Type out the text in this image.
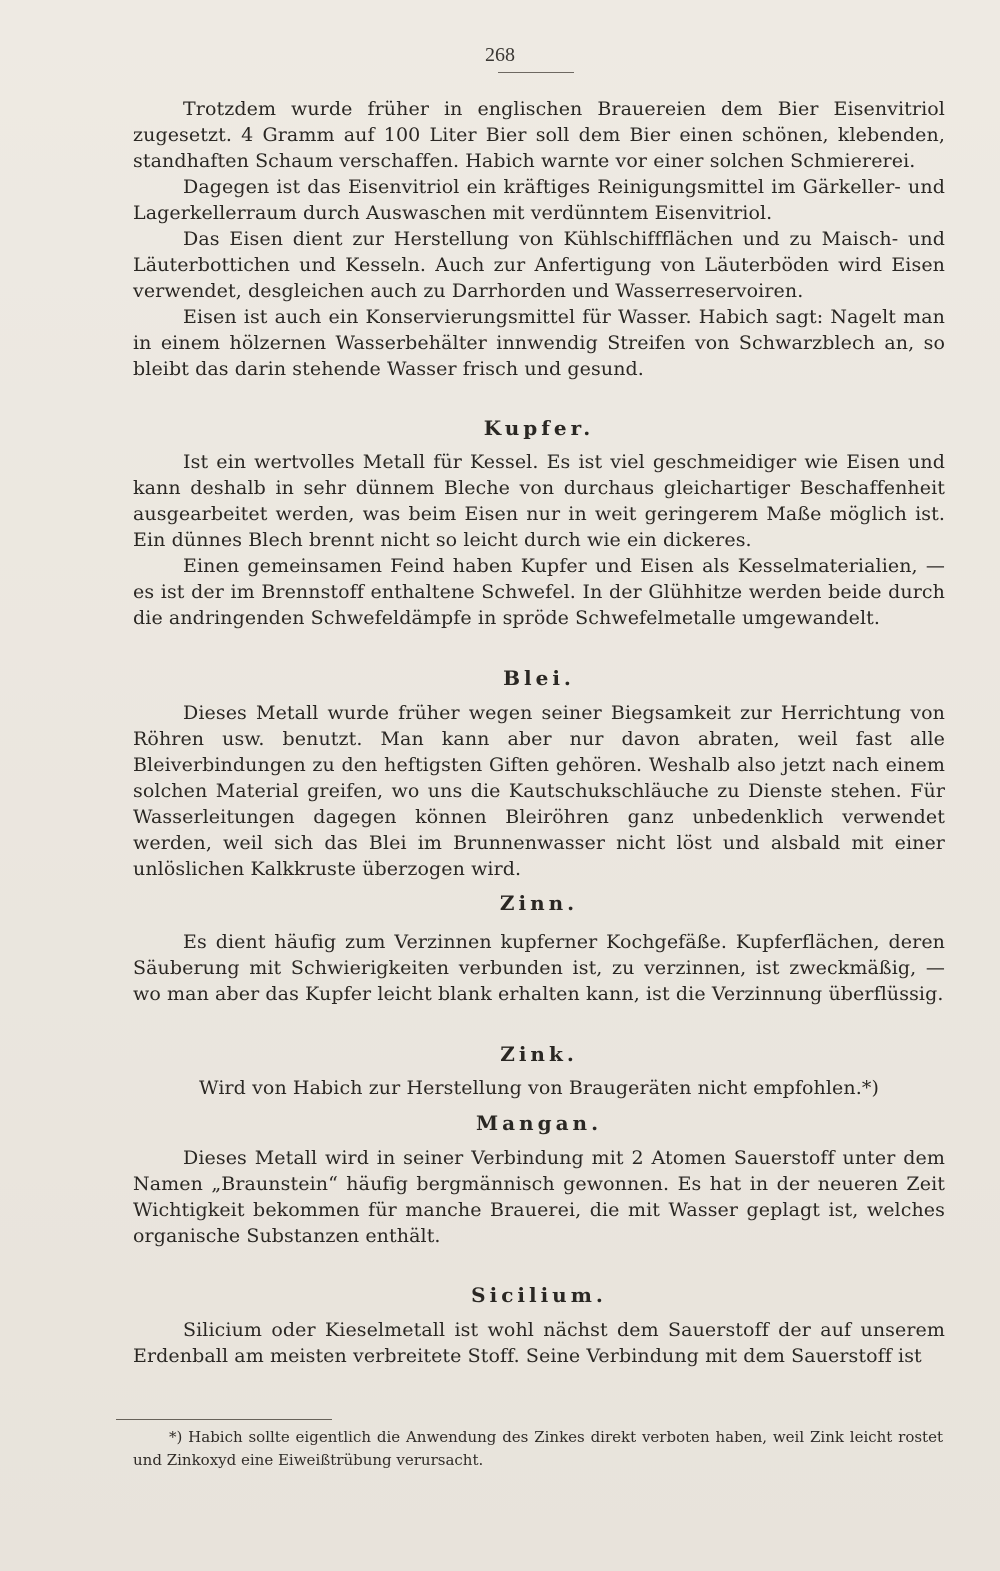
268

Trotzdem wurde früher in englischen Brauereien dem Bier Eisenvitriol zugesetzt. 4 Gramm auf 100 Liter Bier soll dem Bier einen schönen, klebenden, standhaften Schaum verschaffen. Habich warnte vor einer solchen Schmiererei.

Dagegen ist das Eisenvitriol ein kräftiges Reinigungsmittel im Gärkeller- und Lagerkellerraum durch Auswaschen mit verdünntem Eisenvitriol.

Das Eisen dient zur Herstellung von Kühlschiffflächen und zu Maisch- und Läuterbottichen und Kesseln. Auch zur Anfertigung von Läuterböden wird Eisen verwendet, desgleichen auch zu Darrhorden und Wasserreservoiren.

Eisen ist auch ein Konservierungsmittel für Wasser. Habich sagt: Nagelt man in einem hölzernen Wasserbehälter innwendig Streifen von Schwarzblech an, so bleibt das darin stehende Wasser frisch und gesund.

Kupfer.

Ist ein wertvolles Metall für Kessel. Es ist viel geschmeidiger wie Eisen und kann deshalb in sehr dünnem Bleche von durchaus gleichartiger Beschaffenheit ausgearbeitet werden, was beim Eisen nur in weit geringerem Maße möglich ist. Ein dünnes Blech brennt nicht so leicht durch wie ein dickeres.

Einen gemeinsamen Feind haben Kupfer und Eisen als Kesselmaterialien, — es ist der im Brennstoff enthaltene Schwefel. In der Glühhitze werden beide durch die andringenden Schwefeldämpfe in spröde Schwefelmetalle umgewandelt.

Blei.

Dieses Metall wurde früher wegen seiner Biegsamkeit zur Herrichtung von Röhren usw. benutzt. Man kann aber nur davon abraten, weil fast alle Bleiverbindungen zu den heftigsten Giften gehören. Weshalb also jetzt nach einem solchen Material greifen, wo uns die Kautschukschläuche zu Dienste stehen. Für Wasserleitungen dagegen können Bleiröhren ganz unbedenklich verwendet werden, weil sich das Blei im Brunnenwasser nicht löst und alsbald mit einer unlöslichen Kalkkruste überzogen wird.

Zinn.

Es dient häufig zum Verzinnen kupferner Kochgefäße. Kupferflächen, deren Säuberung mit Schwierigkeiten verbunden ist, zu verzinnen, ist zweckmäßig, — wo man aber das Kupfer leicht blank erhalten kann, ist die Verzinnung überflüssig.

Zink.

Wird von Habich zur Herstellung von Braugeräten nicht empfohlen.*)

Mangan.

Dieses Metall wird in seiner Verbindung mit 2 Atomen Sauerstoff unter dem Namen „Braunstein“ häufig bergmännisch gewonnen. Es hat in der neueren Zeit Wichtigkeit bekommen für manche Brauerei, die mit Wasser geplagt ist, welches organische Substanzen enthält.

Sicilium.

Silicium oder Kieselmetall ist wohl nächst dem Sauerstoff der auf unserem Erdenball am meisten verbreitete Stoff. Seine Verbindung mit dem Sauerstoff ist

*) Habich sollte eigentlich die Anwendung des Zinkes direkt verboten haben, weil Zink leicht rostet und Zinkoxyd eine Eiweißtrübung verursacht.
